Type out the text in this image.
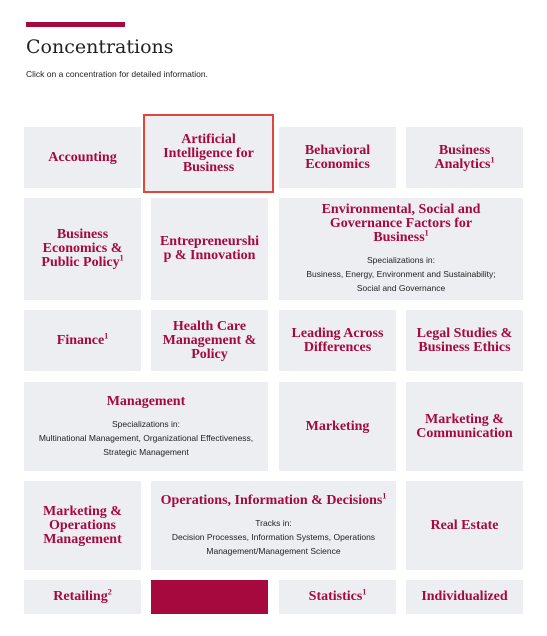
Concentrations
Click on a concentration for detailed information.
Accounting
Artificial Intelligence for Business
Behavioral Economics
Business Analytics$^1$
Business Economics & Public Policy$^1$
Entrepreneurship & Innovation
Environmental, Social and Governance Factors for Business$^1$
Specializations in:
Business, Energy, Environment and Sustainability; Social and Governance
Finance$^1$
Health Care Management & Policy
Leading Across Differences
Legal Studies & Business Ethics
Management
Specializations in:
Multinational Management, Organizational Effectiveness, Strategic Management
Marketing	Marketing & Communication
Marketing & Operations Management
Operations, Information & Decisions$^1$
Tracks in:
Decision Processes, Information Systems, Operations Management/Management Science
Real Estate
Retailing$^2$	Statistics$^1$	Individualized
